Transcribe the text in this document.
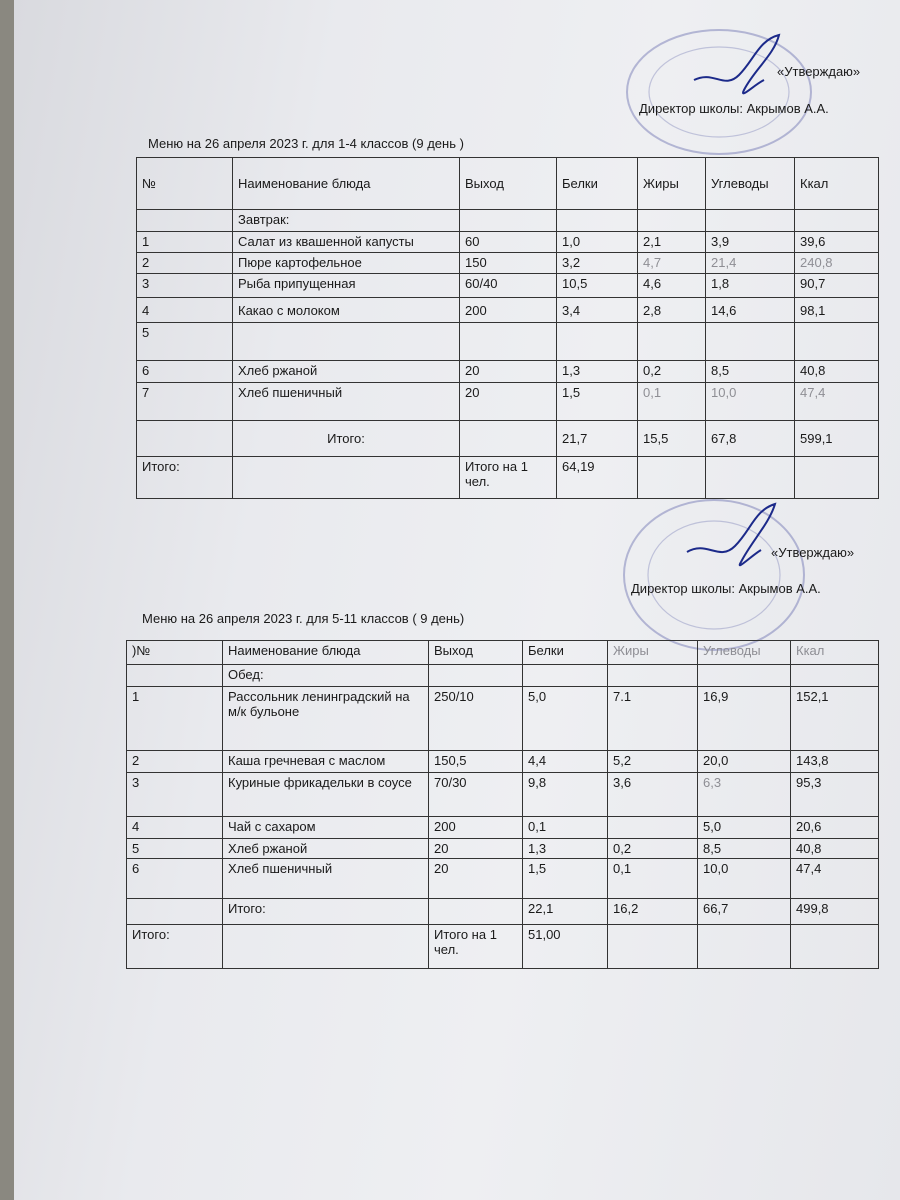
«Утверждаю»
Директор школы: Акрымов А.А.
Меню на 26 апреля 2023 г. для 1-4 классов (9 день )
№	Наименование блюда	Выход	Белки	Жиры	Углеводы	Ккал
	Завтрак:					
1	Салат из квашенной капусты	60	1,0	2,1	3,9	39,6
2	Пюре картофельное	150	3,2	4,7	21,4	240,8
3	Рыба припущенная	60/40	10,5	4,6	1,8	90,7
4	Какао с молоком	200	3,4	2,8	14,6	98,1
5						
6	Хлеб ржаной	20	1,3	0,2	8,5	40,8
7	Хлеб пшеничный	20	1,5	0,1	10,0	47,4
	Итого:		21,7	15,5	67,8	599,1
Итого:		Итого на 1 чел.	64,19			
«Утверждаю»
Директор школы: Акрымов А.А.
Меню на 26 апреля 2023 г. для 5-11 классов ( 9 день)
)№	Наименование блюда	Выход	Белки	Жиры	Углеводы	Ккал
	Обед:					
1	Рассольник ленинградский на м/к бульоне	250/10	5,0	7.1	16,9	152,1
2	Каша гречневая с маслом	150,5	4,4	5,2	20,0	143,8
3	Куриные фрикадельки в соусе	70/30	9,8	3,6	6,3	95,3
4	Чай с сахаром	200	0,1		5,0	20,6
5	Хлеб ржаной	20	1,3	0,2	8,5	40,8
6	Хлеб пшеничный	20	1,5	0,1	10,0	47,4
	Итого:		22,1	16,2	66,7	499,8
Итого:		Итого на 1 чел.	51,00			
